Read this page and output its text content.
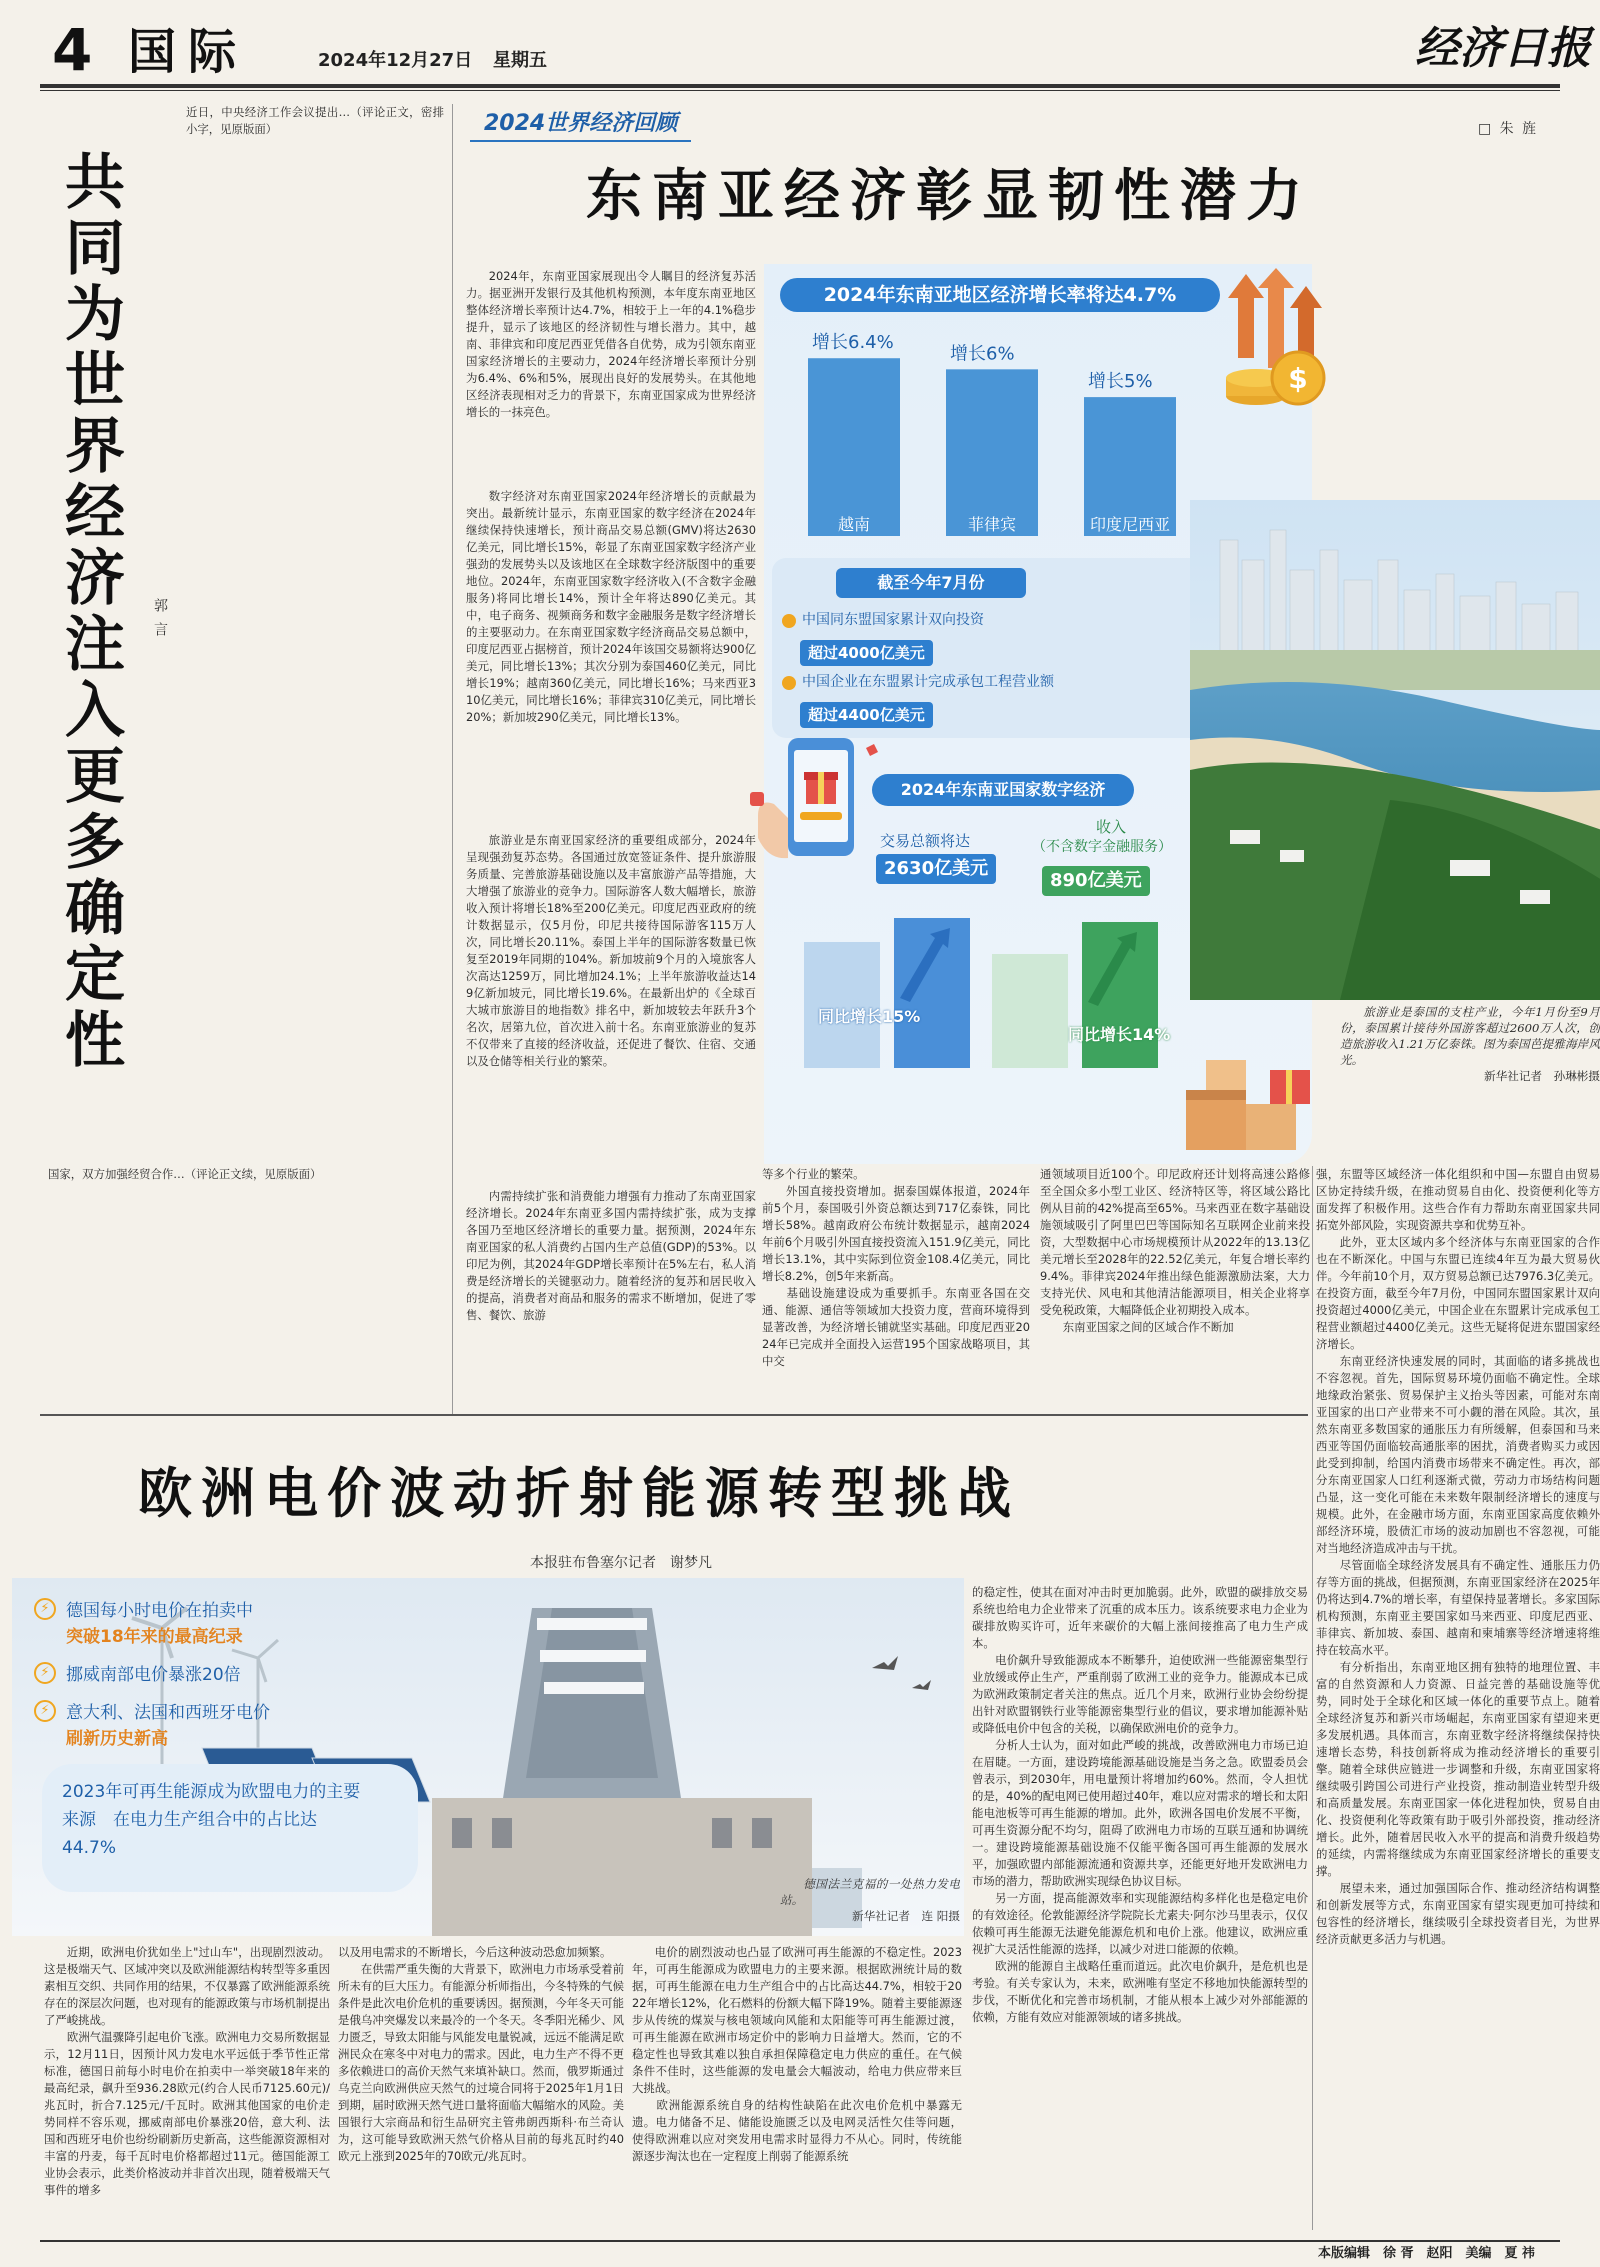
4 国际	2024年12月27日 星期五	经济日报
共同为世界经济注入更多确定性 郭言
近日，中央经济工作会议提出…（评论正文，密排小字，见原版面）
国家，双方加强经贸合作…（评论正文续，见原版面）
2024世界经济回顾	□ 朱 旌
东南亚经济彰显韧性潜力

2024年，东南亚国家展现出令人瞩目的经济复苏活力。据亚洲开发银行及其他机构预测，本年度东南亚地区整体经济增长率预计达4.7%，相较于上一年的4.1%稳步提升，显示了该地区的经济韧性与增长潜力。其中，越南、菲律宾和印度尼西亚凭借各自优势，成为引领东南亚国家经济增长的主要动力，2024年经济增长率预计分别为6.4%、6%和5%，展现出良好的发展势头。在其他地区经济表现相对乏力的背景下，东南亚国家成为世界经济增长的一抹亮色。

数字经济对东南亚国家2024年经济增长的贡献最为突出。最新统计显示，东南亚国家的数字经济在2024年继续保持快速增长，预计商品交易总额(GMV)将达2630亿美元，同比增长15%，彰显了东南亚国家数字经济产业强劲的发展势头以及该地区在全球数字经济版图中的重要地位。2024年，东南亚国家数字经济收入(不含数字金融服务)将同比增长14%，预计全年将达890亿美元。其中，电子商务、视频商务和数字金融服务是数字经济增长的主要驱动力。在东南亚国家数字经济商品交易总额中，印度尼西亚占据榜首，预计2024年该国交易额将达900亿美元，同比增长13%；其次分别为泰国460亿美元，同比增长19%；越南360亿美元，同比增长16%；马来西亚310亿美元，同比增长16%；菲律宾310亿美元，同比增长20%；新加坡290亿美元，同比增长13%。

旅游业是东南亚国家经济的重要组成部分，2024年呈现强劲复苏态势。各国通过放宽签证条件、提升旅游服务质量、完善旅游基础设施以及丰富旅游产品等措施，大大增强了旅游业的竞争力。国际游客人数大幅增长，旅游收入预计将增长18%至200亿美元。印度尼西亚政府的统计数据显示，仅5月份，印尼共接待国际游客115万人次，同比增长20.11%。泰国上半年的国际游客数量已恢复至2019年同期的104%。新加坡前9个月的入境旅客人次高达1259万，同比增加24.1%；上半年旅游收益达149亿新加坡元，同比增长19.6%。在最新出炉的《全球百大城市旅游目的地指数》排名中，新加坡较去年跃升3个名次，居第九位，首次进入前十名。东南亚旅游业的复苏不仅带来了直接的经济收益，还促进了餐饮、住宿、交通以及仓储等相关行业的繁荣。

内需持续扩张和消费能力增强有力推动了东南亚国家经济增长。2024年东南亚多国内需持续扩张，成为支撑各国乃至地区经济增长的重要力量。据预测，2024年东南亚国家的私人消费约占国内生产总值(GDP)的53%。以印尼为例，其2024年GDP增长率预计在5%左右，私人消费是经济增长的关键驱动力。随着经济的复苏和居民收入的提高，消费者对商品和服务的需求不断增加，促进了零售、餐饮、旅游

2024年东南亚地区经济增长率将达4.7%
增长6.4%
越南
增长6%
菲律宾
增长5%
印度尼西亚
$
截至今年7月份
中国同东盟国家累计双向投资
超过4000亿美元
中国企业在东盟累计完成承包工程营业额
超过4400亿美元
2024年东南亚国家数字经济
交易总额将达
2630亿美元
收入
（不含数字金融服务）
890亿美元
同比增长15%
同比增长14%

旅游业是泰国的支柱产业，今年1月份至9月份，泰国累计接待外国游客超过2600万人次，创造旅游收入1.21万亿泰铢。图为泰国芭提雅海岸风光。

新华社记者　孙琳彬摄

等多个行业的繁荣。
　　外国直接投资增加。据泰国媒体报道，2024年前5个月，泰国吸引外资总额达到717亿泰铢，同比增长58%。越南政府公布统计数据显示，越南2024年前6个月吸引外国直接投资流入151.9亿美元，同比增长13.1%，其中实际到位资金108.4亿美元，同比增长8.2%，创5年来新高。
　　基础设施建设成为重要抓手。东南亚各国在交通、能源、通信等领域加大投资力度，营商环境得到显著改善，为经济增长铺就坚实基础。印度尼西亚2024年已完成并全面投入运营195个国家战略项目，其中交

通领域项目近100个。印尼政府还计划将高速公路修至全国众多小型工业区、经济特区等，将区域公路比例从目前的42%提高至65%。马来西亚在数字基础设施领域吸引了阿里巴巴等国际知名互联网企业前来投资，大型数据中心市场规模预计从2022年的13.13亿美元增长至2028年的22.52亿美元，年复合增长率约9.4%。菲律宾2024年推出绿色能源激励法案，大力支持光伏、风电和其他清洁能源项目，相关企业将享受免税政策，大幅降低企业初期投入成本。
　　东南亚国家之间的区域合作不断加

强，东盟等区域经济一体化组织和中国—东盟自由贸易区协定持续升级，在推动贸易自由化、投资便利化等方面发挥了积极作用。这些合作有力帮助东南亚国家共同拓宽外部风险，实现资源共享和优势互补。
　　此外，亚太区域内多个经济体与东南亚国家的合作也在不断深化。中国与东盟已连续4年互为最大贸易伙伴。今年前10个月，双方贸易总额已达7976.3亿美元。在投资方面，截至今年7月份，中国同东盟国家累计双向投资超过4000亿美元，中国企业在东盟累计完成承包工程营业额超过4400亿美元。这些无疑将促进东盟国家经济增长。
　　东南亚经济快速发展的同时，其面临的诸多挑战也不容忽视。首先，国际贸易环境仍面临不确定性。全球地缘政治紧张、贸易保护主义抬头等因素，可能对东南亚国家的出口产业带来不可小觑的潜在风险。其次，虽然东南亚多数国家的通胀压力有所缓解，但泰国和马来西亚等国仍面临较高通胀率的困扰，消费者购买力或因此受到抑制，给国内消费市场带来不确定性。再次，部分东南亚国家人口红利逐渐式微，劳动力市场结构问题凸显，这一变化可能在未来数年限制经济增长的速度与规模。此外，在金融市场方面，东南亚国家高度依赖外部经济环境，股债汇市场的波动加剧也不容忽视，可能对当地经济造成冲击与干扰。
　　尽管面临全球经济发展具有不确定性、通胀压力仍存等方面的挑战，但据预测，东南亚国家经济在2025年仍将达到4.7%的增长率，有望保持显著增长。多家国际机构预测，东南亚主要国家如马来西亚、印度尼西亚、菲律宾、新加坡、泰国、越南和柬埔寨等经济增速将维持在较高水平。
　　有分析指出，东南亚地区拥有独特的地理位置、丰富的自然资源和人力资源、日益完善的基础设施等优势，同时处于全球化和区域一体化的重要节点上。随着全球经济复苏和新兴市场崛起，东南亚国家有望迎来更多发展机遇。具体而言，东南亚数字经济将继续保持快速增长态势，科技创新将成为推动经济增长的重要引擎。随着全球供应链进一步调整和升级，东南亚国家将继续吸引跨国公司进行产业投资，推动制造业转型升级和高质量发展。东南亚国家一体化进程加快，贸易自由化、投资便利化等政策有助于吸引外部投资，推动经济增长。此外，随着居民收入水平的提高和消费升级趋势的延续，内需将继续成为东南亚国家经济增长的重要支撑。
　　展望未来，通过加强国际合作、推动经济结构调整和创新发展等方式，东南亚国家有望实现更加可持续和包容性的经济增长，继续吸引全球投资者目光，为世界经济贡献更多活力与机遇。

欧洲电价波动折射能源转型挑战
本报驻布鲁塞尔记者　谢梦凡
⚡ 德国每小时电价在拍卖中
突破18年来的最高纪录
⚡ 挪威南部电价暴涨20倍
⚡ 意大利、法国和西班牙电价
刷新历史新高

2023年可再生能源成为欧盟电力的主要来源　在电力生产组合中的占比达44.7%

德国法兰克福的一处热力发电站。

新华社记者　连 阳摄

近期，欧洲电价犹如坐上"过山车"，出现剧烈波动。这是极端天气、区域冲突以及欧洲能源结构转型等多重因素相互交织、共同作用的结果，不仅暴露了欧洲能源系统存在的深层次问题，也对现有的能源政策与市场机制提出了严峻挑战。
　　欧洲气温骤降引起电价飞涨。欧洲电力交易所数据显示，12月11日，因预计风力发电水平远低于季节性正常标准，德国日前每小时电价在拍卖中一举突破18年来的最高纪录，飙升至936.28欧元(约合人民币7125.60元)/兆瓦时，折合7.125元/千瓦时。欧洲其他国家的电价走势同样不容乐观，挪威南部电价暴涨20倍，意大利、法国和西班牙电价也纷纷刷新历史新高，这些能源资源相对丰富的丹麦，每千瓦时电价格都超过11元。德国能源工业协会表示，此类价格波动并非首次出现，随着极端天气事件的增多

以及用电需求的不断增长，今后这种波动恐愈加频繁。
　　在供需严重失衡的大背景下，欧洲电力市场承受着前所未有的巨大压力。有能源分析师指出，今冬特殊的气候条件是此次电价危机的重要诱因。据预测，今年冬天可能是俄乌冲突爆发以来最冷的一个冬天。冬季阳光稀少、风力匮乏，导致太阳能与风能发电量锐减，远远不能满足欧洲民众在寒冬中对电力的需求。因此，电力生产不得不更多依赖进口的高价天然气来填补缺口。然而，俄罗斯通过乌克兰向欧洲供应天然气的过境合同将于2025年1月1日到期，届时欧洲天然气进口量将面临大幅缩水的风险。美国银行大宗商品和衍生品研究主管弗朗西斯科·布兰奇认为，这可能导致欧洲天然气价格从目前的每兆瓦时约40欧元上涨到2025年的70欧元/兆瓦时。

电价的剧烈波动也凸显了欧洲可再生能源的不稳定性。2023年，可再生能源成为欧盟电力的主要来源。根据欧洲统计局的数据，可再生能源在电力生产组合中的占比高达44.7%，相较于2022年增长12%，化石燃料的份额大幅下降19%。随着主要能源逐步从传统的煤炭与核电领域向风能和太阳能等可再生能源过渡，可再生能源在欧洲市场定价中的影响力日益增大。然而，它的不稳定性也导致其难以独自承担保障稳定电力供应的重任。在气候条件不佳时，这些能源的发电量会大幅波动，给电力供应带来巨大挑战。
　　欧洲能源系统自身的结构性缺陷在此次电价危机中暴露无遗。电力储备不足、储能设施匮乏以及电网灵活性欠佳等问题，使得欧洲难以应对突发用电需求时显得力不从心。同时，传统能源逐步淘汰也在一定程度上削弱了能源系统

的稳定性，使其在面对冲击时更加脆弱。此外，欧盟的碳排放交易系统也给电力企业带来了沉重的成本压力。该系统要求电力企业为碳排放购买许可，近年来碳价的大幅上涨间接推高了电力生产成本。
　　电价飙升导致能源成本不断攀升，迫使欧洲一些能源密集型行业放缓或停止生产，严重削弱了欧洲工业的竞争力。能源成本已成为欧洲政策制定者关注的焦点。近几个月来，欧洲行业协会纷纷提出针对欧盟钢铁行业等能源密集型行业的倡议，要求增加能源补贴或降低电价中包含的关税，以确保欧洲电价的竞争力。
　　分析人士认为，面对如此严峻的挑战，改善欧洲电力市场已迫在眉睫。一方面，建设跨境能源基础设施是当务之急。欧盟委员会曾表示，到2030年，用电量预计将增加约60%。然而，令人担忧的是，40%的配电网已使用超过40年，难以应对需求的增长和太阳能电池板等可再生能源的增加。此外，欧洲各国电价发展不平衡，可再生资源分配不均匀，阻碍了欧洲电力市场的互联互通和协调统一。建设跨境能源基础设施不仅能平衡各国可再生能源的发展水平，加强欧盟内部能源流通和资源共享，还能更好地开发欧洲电力市场的潜力，帮助欧洲实现绿色协议目标。
　　另一方面，提高能源效率和实现能源结构多样化也是稳定电价的有效途径。伦敦能源经济学院院长尤素夫·阿尔沙马里表示，仅仅依赖可再生能源无法避免能源危机和电价上涨。他建议，欧洲应重视扩大灵活性能源的选择，以减少对进口能源的依赖。
　　欧洲的能源自主战略任重而道远。此次电价飙升，是危机也是考验。有关专家认为，未来，欧洲唯有坚定不移地加快能源转型的步伐，不断优化和完善市场机制，才能从根本上减少对外部能源的依赖，方能有效应对能源领域的诸多挑战。

本版编辑　徐 胥　赵阳　美编　夏 祎
